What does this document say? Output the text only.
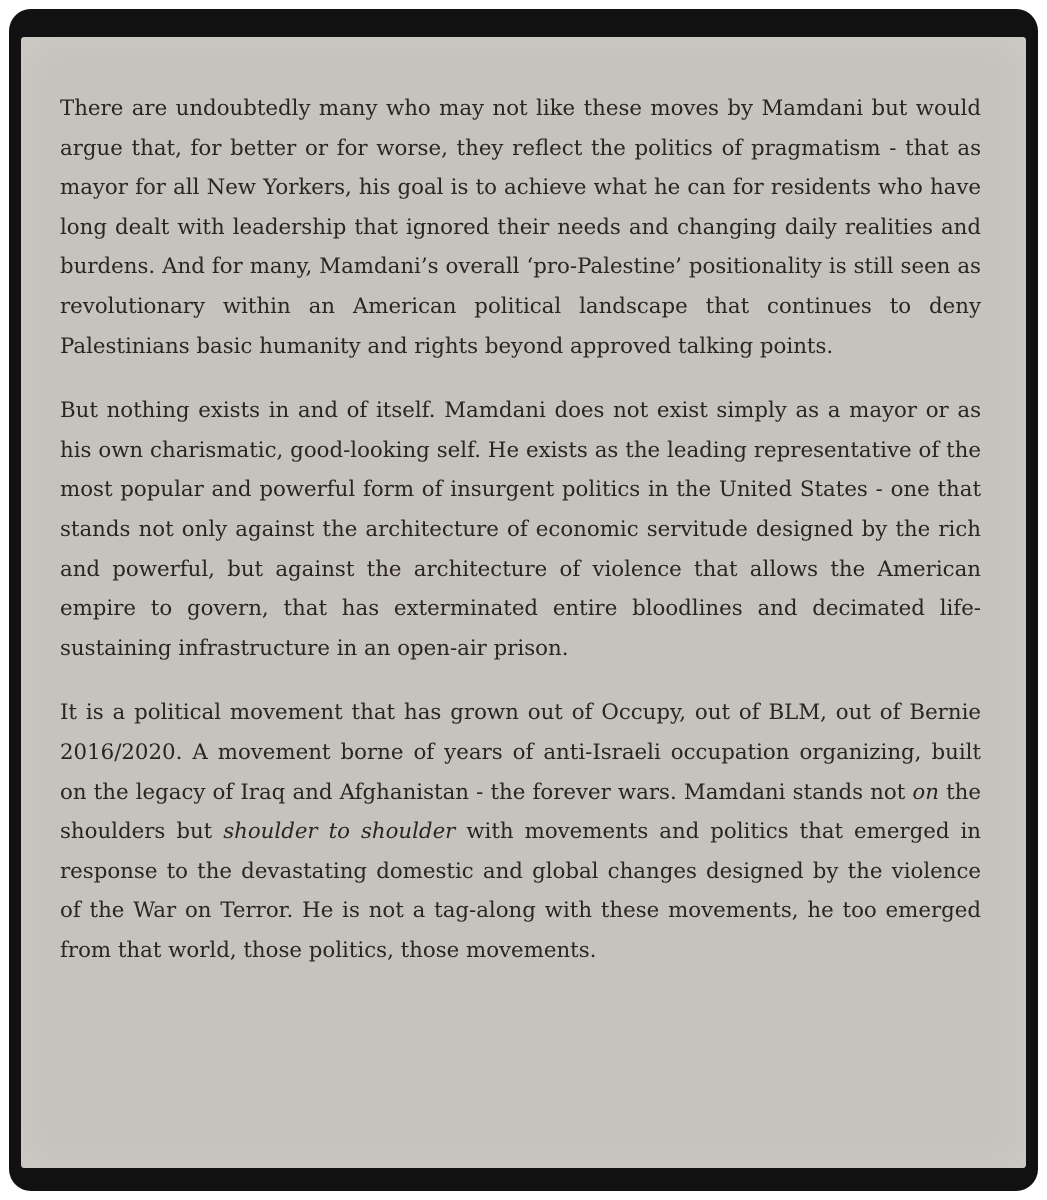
There are undoubtedly many who may not like these moves by Mamdani but would argue that, for better or for worse, they reflect the politics of pragmatism - that as mayor for all New Yorkers, his goal is to achieve what he can for residents who have long dealt with leadership that ignored their needs and changing daily realities and burdens. And for many, Mamdani’s overall ‘pro-Palestine’ positionality is still seen as revolutionary within an American political landscape that continues to deny Palestinians basic humanity and rights beyond approved talking points.

But nothing exists in and of itself. Mamdani does not exist simply as a mayor or as his own charismatic, good-looking self. He exists as the leading representative of the most popular and powerful form of insurgent politics in the United States - one that stands not only against the architecture of economic servitude designed by the rich and powerful, but against the architecture of violence that allows the American empire to govern, that has exterminated entire bloodlines and decimated life-sustaining infrastructure in an open-air prison.

It is a political movement that has grown out of Occupy, out of BLM, out of Bernie 2016/2020. A movement borne of years of anti-Israeli occupation organizing, built on the legacy of Iraq and Afghanistan - the forever wars. Mamdani stands not on the shoulders but shoulder to shoulder with movements and politics that emerged in response to the devastating domestic and global changes designed by the violence of the War on Terror. He is not a tag-along with these movements, he too emerged from that world, those politics, those movements.
